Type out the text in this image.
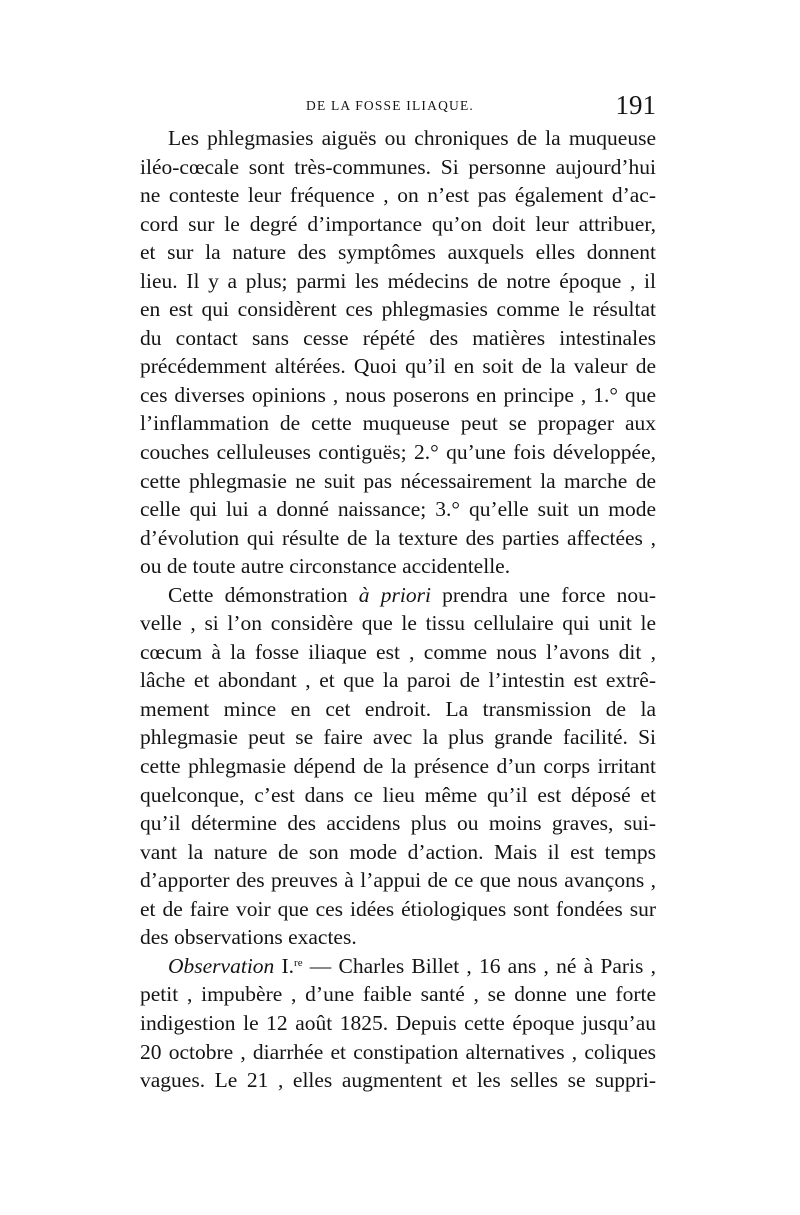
DE LA FOSSE ILIAQUE.	191
Les phlegmasies aiguës ou chroniques de la muqueuse
iléo-cœcale sont très-communes. Si personne aujourd’hui
ne conteste leur fréquence , on n’est pas également d’ac-
cord sur le degré d’importance qu’on doit leur attribuer,
et sur la nature des symptômes auxquels elles donnent
lieu. Il y a plus; parmi les médecins de notre époque , il
en est qui considèrent ces phlegmasies comme le résultat
du contact sans cesse répété des matières intestinales
précédemment altérées. Quoi qu’il en soit de la valeur de
ces diverses opinions , nous poserons en principe , 1.° que
l’inflammation de cette muqueuse peut se propager aux
couches celluleuses contiguës; 2.° qu’une fois développée,
cette phlegmasie ne suit pas nécessairement la marche de
celle qui lui a donné naissance; 3.° qu’elle suit un mode
d’évolution qui résulte de la texture des parties affectées ,
ou de toute autre circonstance accidentelle.
Cette démonstration à priori prendra une force nou-
velle , si l’on considère que le tissu cellulaire qui unit le
cœcum à la fosse iliaque est , comme nous l’avons dit ,
lâche et abondant , et que la paroi de l’intestin est extrê-
mement mince en cet endroit. La transmission de la
phlegmasie peut se faire avec la plus grande facilité. Si
cette phlegmasie dépend de la présence d’un corps irritant
quelconque, c’est dans ce lieu même qu’il est déposé et
qu’il détermine des accidens plus ou moins graves, sui-
vant la nature de son mode d’action. Mais il est temps
d’apporter des preuves à l’appui de ce que nous avançons ,
et de faire voir que ces idées étiologiques sont fondées sur
des observations exactes.
Observation I.$^{re}$ — Charles Billet , 16 ans , né à Paris ,
petit , impubère , d’une faible santé , se donne une forte
indigestion le 12 août 1825. Depuis cette époque jusqu’au
20 octobre , diarrhée et constipation alternatives , coliques
vagues. Le 21 , elles augmentent et les selles se suppri-
